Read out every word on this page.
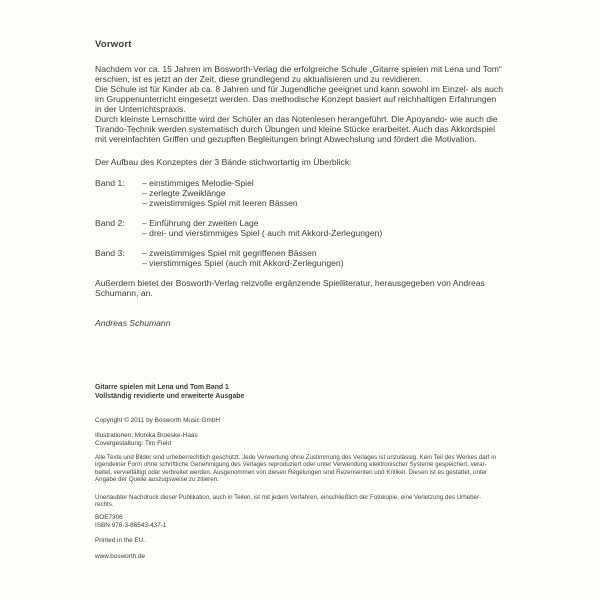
Vorwort
Nachdem vor ca. 15 Jahren im Bosworth-Verlag die erfolgreiche Schule „Gitarre spielen mit Lena und Tom“
erschien, ist es jetzt an der Zeit, diese grundlegend zu aktualisieren und zu revidieren.
Die Schule ist für Kinder ab ca. 8 Jahren und für Jugendliche geeignet und kann sowohl im Einzel- als auch
im Gruppenunterricht eingesetzt werden. Das methodische Konzept basiert auf reichhaltigen Erfahrungen
in der Unterrichtspraxis.
Durch kleinste Lernschritte wird der Schüler an das Notenlesen herangeführt. Die Apoyando- wie auch die
Tirando-Technik werden systematisch durch Übungen und kleine Stücke erarbeitet. Auch das Akkordspiel
mit vereinfachten Griffen und gezupften Begleitungen bringt Abwechslung und fördert die Motivation.
Der Aufbau des Konzeptes der 3 Bände stichwortartig im Überblick:
Band 1:	– einstimmiges Melodie-Spiel
– zerlegte Zweiklänge
– zweistimmiges Spiel mit leeren Bässen
Band 2:	– Einführung der zweiten Lage
– drei- und vierstimmiges Spiel ( auch mit Akkord-Zerlegungen)
Band 3:	– zweistimmiges Spiel mit gegriffenen Bässen
– vierstimmiges Spiel (auch mit Akkord-Zerlegungen)
Außerdem bietet der Bosworth-Verlag reizvolle ergänzende Spielliteratur, herausgegeben von Andreas
Schumann, an.
Andreas Schumann
Gitarre spielen mit Lena und Tom Band 1
Vollständig revidierte und erweiterte Ausgabe
Copyright © 2011 by Bosworth Music GmbH
Illustrationen: Monika Broeske-Haas
Covergestaltung: Tim Field
Alle Texte und Bilder sind urheberrechtlich geschützt. Jede Verwertung ohne Zustimmung des Verlages ist unzulässig. Kein Teil des Werkes darf in
irgendeiner Form ohne schriftliche Genehmigung des Verlages reproduziert oder unter Verwendung elektronischer Systeme gespeichert, verar-
beitet, vervielfältigt oder verbreitet werden. Ausgenommen von diesen Regelungen sind Rezensenten und Kritiker. Diesen ist es gestattet, unter
Angabe der Quelle auszugsweise zu zitieren.
Unerlaubter Nachdruck dieser Publikation, auch in Teilen, ist mit jedem Verfahren, einschließlich der Fotokopie, eine Verletzung des Urheber-
rechts.
BOE7306
ISBN 978-3-86543-437-1
Printed in the EU.
www.bosworth.de
